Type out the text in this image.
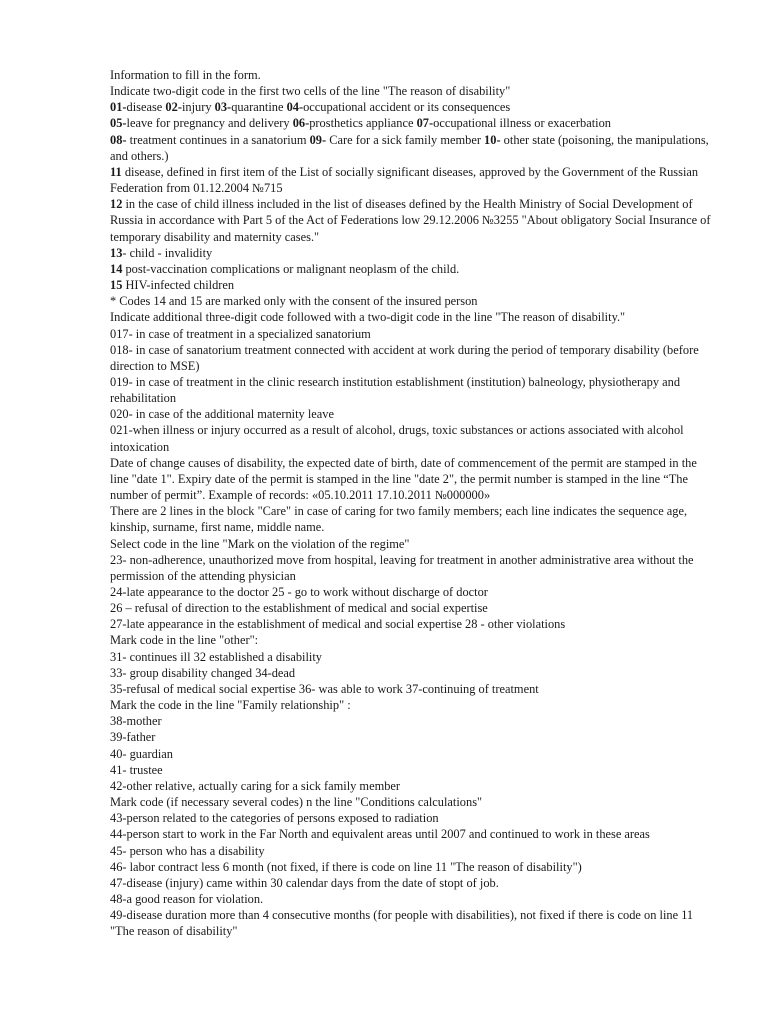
Information to fill in the form.

Indicate two-digit code in the first two cells of the line "The reason of disability"

01-disease 02-injury 03-quarantine 04-occupational accident or its consequences

05-leave for pregnancy and delivery 06-prosthetics appliance 07-occupational illness or exacerbation

08- treatment continues in a sanatorium 09- Care for a sick family member 10- other state (poisoning, the manipulations, and others.)

11 disease, defined in first item of the List of socially significant diseases, approved by the Government of the Russian Federation from 01.12.2004 №715

12 in the case of child illness included in the list of diseases defined by the Health Ministry of Social Development of Russia in accordance with Part 5 of the Act of Federations low 29.12.2006 №3255 "About obligatory Social Insurance of temporary disability and maternity cases."

13- child - invalidity

14 post-vaccination complications or malignant neoplasm of the child.

15 HIV-infected children

* Codes 14 and 15 are marked only with the consent of the insured person

Indicate additional three-digit code followed with a two-digit code in the line "The reason of disability."

017- in case of treatment in a specialized sanatorium

018- in case of sanatorium treatment connected with accident at work during the period of temporary disability (before direction to MSE)

019- in case of treatment in the clinic research institution establishment (institution) balneology, physiotherapy and rehabilitation

020- in case of the additional maternity leave

021-when illness or injury occurred as a result of alcohol, drugs, toxic substances or actions associated with alcohol intoxication

Date of change causes of disability, the expected date of birth, date of commencement of the permit are stamped in the line "date 1". Expiry date of the permit is stamped in the line "date 2", the permit number is stamped in the line “The number of permit”. Example of records: «05.10.2011 17.10.2011 №000000»

There are 2 lines in the block "Care" in case of caring for two family members; each line indicates the sequence age, kinship, surname, first name, middle name.

Select code in the line "Mark on the violation of the regime"

23- non-adherence, unauthorized move from hospital, leaving for treatment in another administrative area without the permission of the attending physician

24-late appearance to the doctor 25 - go to work without discharge of doctor

26 – refusal of direction to the establishment of medical and social expertise

27-late appearance in the establishment of medical and social expertise 28 - other violations

Mark code in the line "other":

31- continues ill 32 established a disability

33- group disability changed 34-dead

35-refusal of medical social expertise 36- was able to work 37-continuing of treatment

Mark the code in the line "Family relationship" :

38-mother

39-father

40- guardian

41- trustee

42-other relative, actually caring for a sick family member

Mark code (if necessary several codes) n the line "Conditions calculations"

43-person related to the categories of persons exposed to radiation

44-person start to work in the Far North and equivalent areas until 2007 and continued to work in these areas

45- person who has a disability

46- labor contract less 6 month (not fixed, if there is code on line 11 "The reason of disability")

47-disease (injury) came within 30 calendar days from the date of stopt of job.

48-a good reason for violation.

49-disease duration more than 4 consecutive months (for people with disabilities), not fixed if there is code on line 11 "The reason of disability"
